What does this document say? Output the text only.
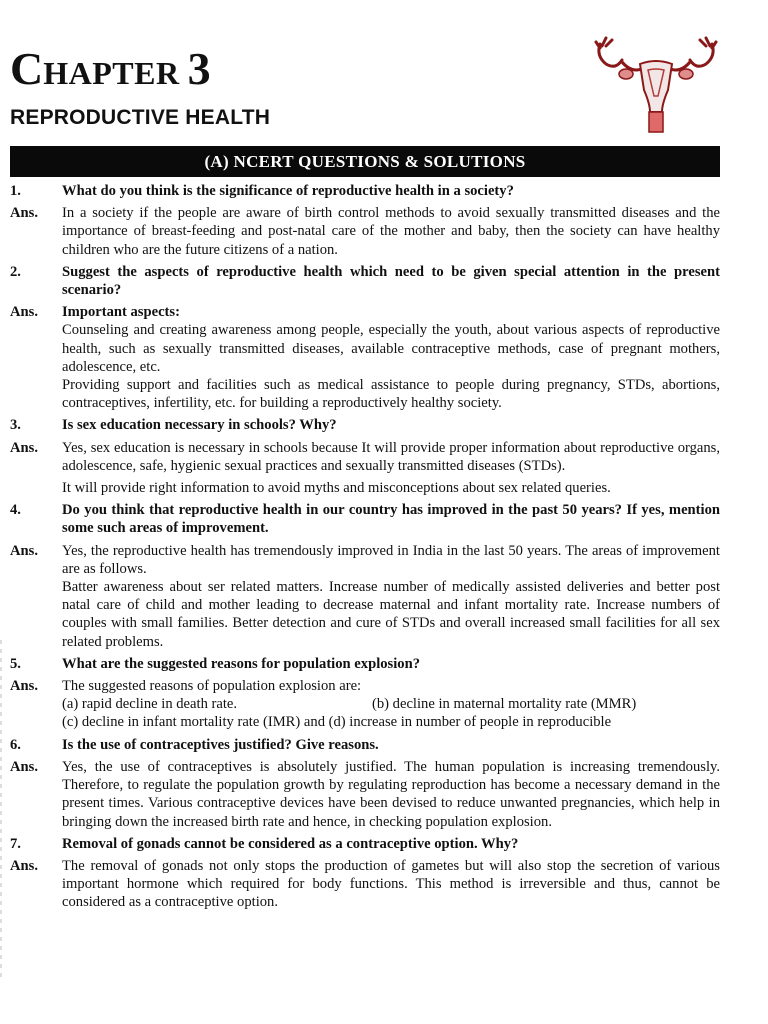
CHAPTER 3
REPRODUCTIVE HEALTH
(A) NCERT QUESTIONS & SOLUTIONS
1.	What do you think is the significance of reproductive health in a society?
Ans.	In a society if the people are aware of birth control methods to avoid sexually transmitted diseases and the importance of breast-feeding and post-natal care of the mother and baby, then the society can have healthy children who are the future citizens of a nation.
2.	Suggest the aspects of reproductive health which need to be given special attention in the present scenario?
Ans.	Important aspects:
Counseling and creating awareness among people, especially the youth, about various aspects of reproductive health, such as sexually transmitted diseases, available contraceptive methods, case of pregnant mothers, adolescence, etc.
Providing support and facilities such as medical assistance to people during pregnancy, STDs, abortions, contraceptives, infertility, etc. for building a reproductively healthy society.
3.	Is sex education necessary in schools? Why?
Ans.	Yes, sex education is necessary in schools because It will provide proper information about reproductive organs, adolescence, safe, hygienic sexual practices and sexually transmitted diseases (STDs).
It will provide right information to avoid myths and misconceptions about sex related queries.
4.	Do you think that reproductive health in our country has improved in the past 50 years? If yes, mention some such areas of improvement.
Ans.	Yes, the reproductive health has tremendously improved in India in the last 50 years. The areas of improvement are as follows.
Batter awareness about ser related matters. Increase number of medically assisted deliveries and better post natal care of child and mother leading to decrease maternal and infant mortality rate. Increase numbers of couples with small families. Better detection and cure of STDs and overall increased small facilities for all sex related problems.
5.	What are the suggested reasons for population explosion?
Ans.	The suggested reasons of population explosion are:
(a) rapid decline in death rate.	(b) decline in maternal mortality rate (MMR)
(c) decline in infant mortality rate (IMR) and (d) increase in number of people in reproducible
6.	Is the use of contraceptives justified? Give reasons.
Ans.	Yes, the use of contraceptives is absolutely justified. The human population is increasing tremendously. Therefore, to regulate the population growth by regulating reproduction has become a necessary demand in the present times. Various contraceptive devices have been devised to reduce unwanted pregnancies, which help in bringing down the increased birth rate and hence, in checking population explosion.
7.	Removal of gonads cannot be considered as a contraceptive option. Why?
Ans.	The removal of gonads not only stops the production of gametes but will also stop the secretion of various important hormone which required for body functions. This method is irreversible and thus, cannot be considered as a contraceptive option.
